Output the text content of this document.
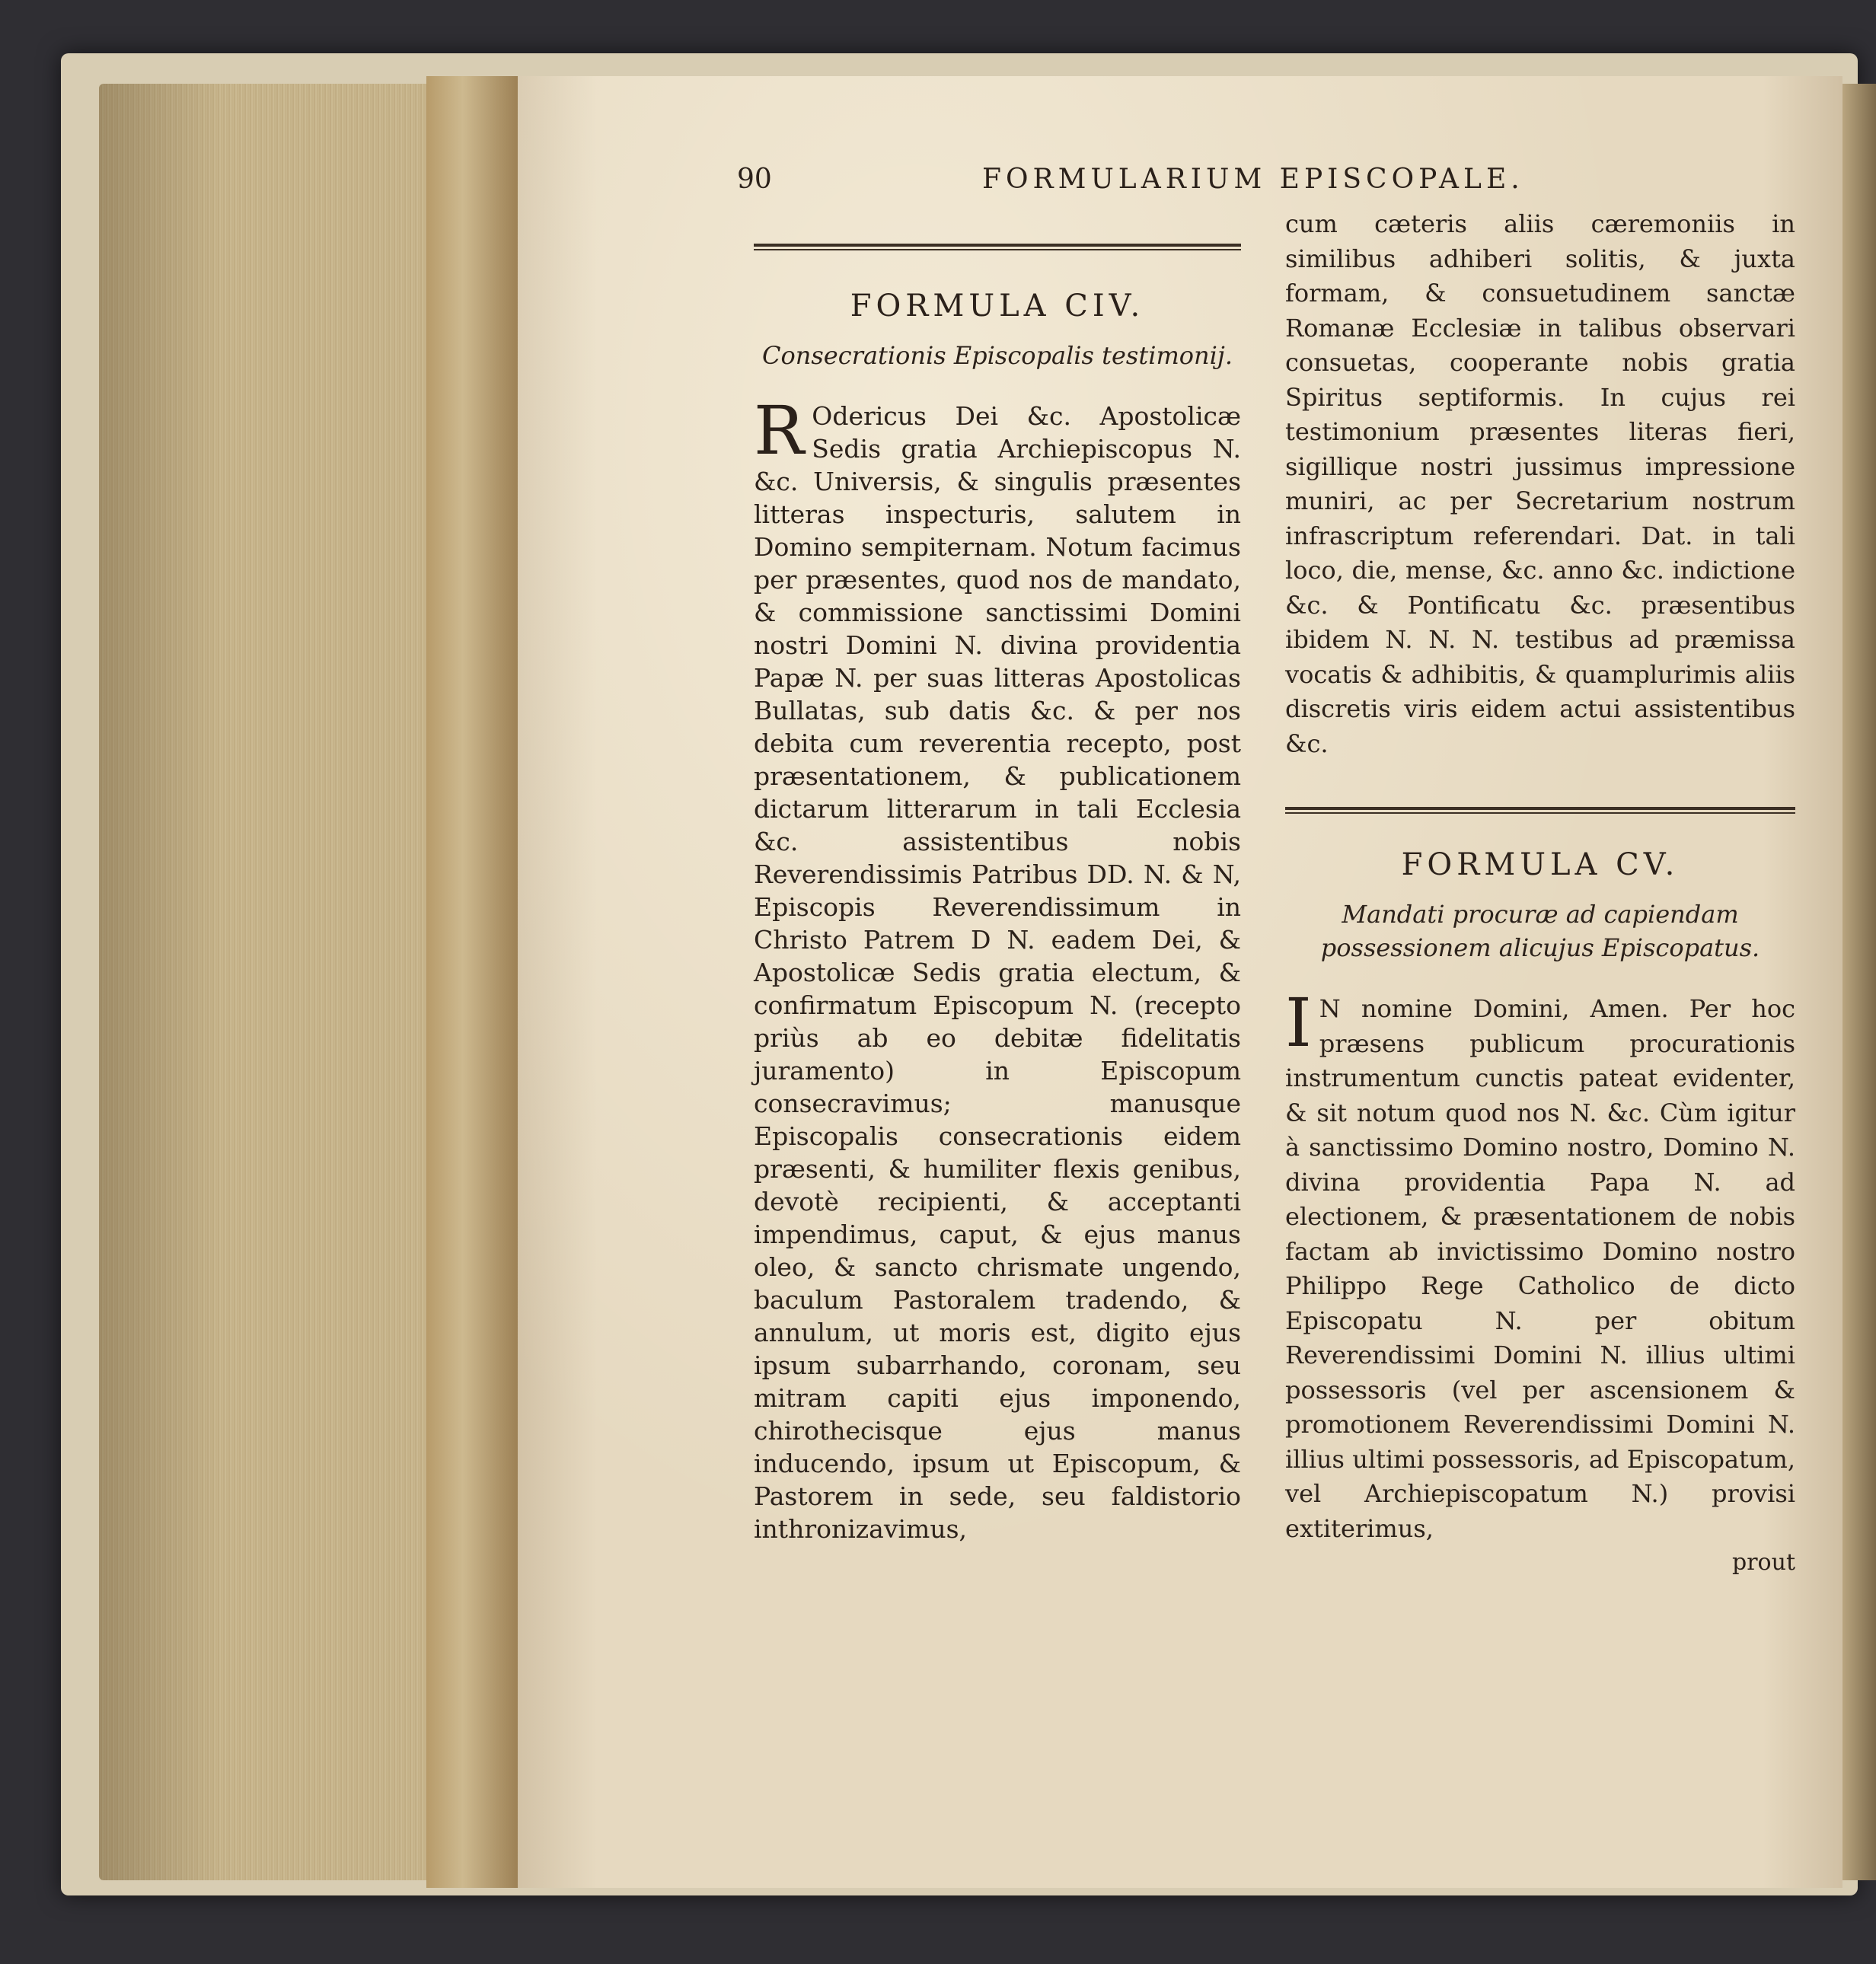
90	FORMULARIUM EPISCOPALE.
FORMULA CIV.
Consecrationis Episcopalis testimonij.
R Odericus Dei &c. Apostolicæ Sedis gratia Archiepiscopus N. &c. Universis, & singulis præsentes litteras inspecturis, salutem in Domino sempiternam. Notum facimus per præsentes, quod nos de mandato, & commissione sanctissimi Domini nostri Domini N. divina providentia Papæ N. per suas litteras Apostolicas Bullatas, sub datis &c. & per nos debita cum reverentia recepto, post præsentationem, & publicationem dictarum litterarum in tali Ecclesia &c. assistentibus nobis Reverendissimis Patribus DD. N. & N, Episcopis Reverendissimum in Christo Patrem D N. eadem Dei, & Apostolicæ Sedis gratia electum, & confirmatum Episcopum N. (recepto priùs ab eo debitæ fidelitatis juramento) in Episcopum consecravimus; manusque Episcopalis consecrationis eidem præsenti, & humiliter flexis genibus, devotè recipienti, & acceptanti impendimus, caput, & ejus manus oleo, & sancto chrismate ungendo, baculum Pastoralem tradendo, & annulum, ut moris est, digito ejus ipsum subarrhando, coronam, seu mitram capiti ejus imponendo, chirothecisque ejus manus inducendo, ipsum ut Episcopum, & Pastorem in sede, seu faldistorio inthronizavimus,
cum cæteris aliis cæremoniis in similibus adhiberi solitis, & juxta formam, & consuetudinem sanctæ Romanæ Ecclesiæ in talibus observari consuetas, cooperante nobis gratia Spiritus septiformis. In cujus rei testimonium præsentes literas fieri, sigillique nostri jussimus impressione muniri, ac per Secretarium nostrum infrascriptum referendari. Dat. in tali loco, die, mense, &c. anno &c. indictione &c. & Pontificatu &c. præsentibus ibidem N. N. N. testibus ad præmissa vocatis & adhibitis, & quamplurimis aliis discretis viris eidem actui assistentibus &c.
FORMULA CV.
Mandati procuræ ad capiendam possessionem alicujus Episcopatus.
I N nomine Domini, Amen. Per hoc præsens publicum procurationis instrumentum cunctis pateat evidenter, & sit notum quod nos N. &c. Cùm igitur à sanctissimo Domino nostro, Domino N. divina providentia Papa N. ad electionem, & præsentationem de nobis factam ab invictissimo Domino nostro Philippo Rege Catholico de dicto Episcopatu N. per obitum Reverendissimi Domini N. illius ultimi possessoris (vel per ascensionem & promotionem Reverendissimi Domini N. illius ultimi possessoris, ad Episcopatum, vel Archiepiscopatum N.) provisi extiterimus,
prout
